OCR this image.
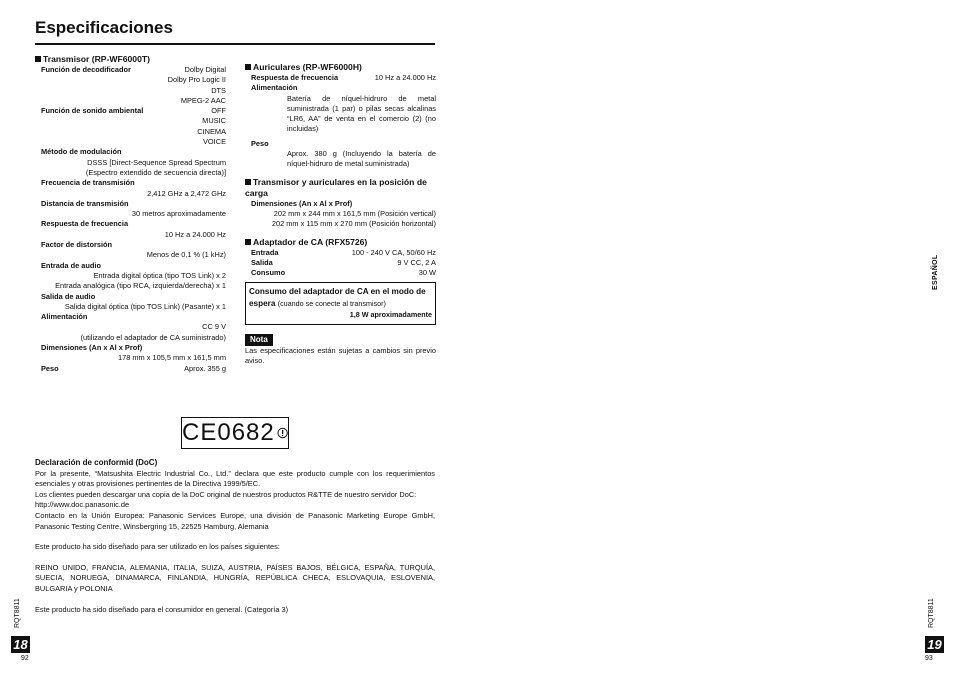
Especificaciones
Transmisor (RP-WF6000T)
Función de decodificador	Dolby Digital
Dolby Pro Logic II
DTS
MPEG-2 AAC
Función de sonido ambiental	OFF
MUSIC
CINEMA
VOICE
Método de modulación
DSSS [Direct-Sequence Spread Spectrum
(Espectro extendido de secuencia directa)]
Frecuencia de transmisión
2,412 GHz a 2,472 GHz
Distancia de transmisión
30 metros aproximadamente
Respuesta de frecuencia
10 Hz a 24.000 Hz
Factor de distorsión
Menos de 0,1 % (1 kHz)
Entrada de audio
Entrada digital óptica (tipo TOS Link) x 2
Entrada analógica (tipo RCA, izquierda/derecha) x 1
Salida de audio
Salida digital óptica (tipo TOS Link) (Pasante) x 1
Alimentación
CC 9 V
(utilizando el adaptador de CA suministrado)
Dimensiones (An x Al x Prof)
178 mm x 105,5 mm x 161,5 mm
Peso	Aprox. 355 g
Auriculares (RP-WF6000H)
Respuesta de frecuencia	10 Hz a 24.000 Hz
Alimentación
Batería de níquel-hidruro de metal suministrada (1 par) o pilas secas alcalinas “LR6, AA” de venta en el comercio (2) (no incluidas)
Peso
Aprox. 380 g (Incluyendo la batería de níquel-hidruro de metal suministrada)
Transmisor y auriculares en la posición de carga
Dimensiones (An x Al x Prof)
202 mm x 244 mm x 161,5 mm (Posición vertical)
202 mm x 115 mm x 270 mm (Posición horizontal)
Adaptador de CA (RFX5726)
Entrada	100 - 240 V CA, 50/60 Hz
Salida	9 V CC, 2 A
Consumo	30 W
Consumo del adaptador de CA en el modo de espera (cuando se conecte al transmisor)
1,8 W aproximadamente
Nota
Las especificaciones están sujetas a cambios sin previo aviso.
CE0682
Declaración de conformid (DoC)

Por la presente, “Matsushita Electric Industrial Co., Ltd.” declara que este producto cumple con los requerimientos esenciales y otras provisiones pertinentes de la Directiva 1999/5/EC.

Los clientes pueden descargar una copia de la DoC original de nuestros productos R&TTE de nuestro servidor DoC:

http://www.doc.panasonic.de

Contacto en la Unión Europea: Panasonic Services Europe, una división de Panasonic Marketing Europe GmbH, Panasonic Testing Centre, Winsbergring 15, 22525 Hamburg, Alemania

Este producto ha sido diseñado para ser utilizado en los países siguientes:

REINO UNIDO, FRANCIA, ALEMANIA, ITALIA, SUIZA, AUSTRIA, PAÍSES BAJOS, BÉLGICA, ESPAÑA, TURQUÍA, SUECIA, NORUEGA, DINAMARCA, FINLANDIA, HUNGRÍA, REPÚBLICA CHECA, ESLOVAQUIA, ESLOVENIA, BULGARIA y POLONIA

Este producto ha sido diseñado para el consumidor en general. (Categoría 3)

RQT8811
18
92
ESPAÑOL
RQT8811
19
93
